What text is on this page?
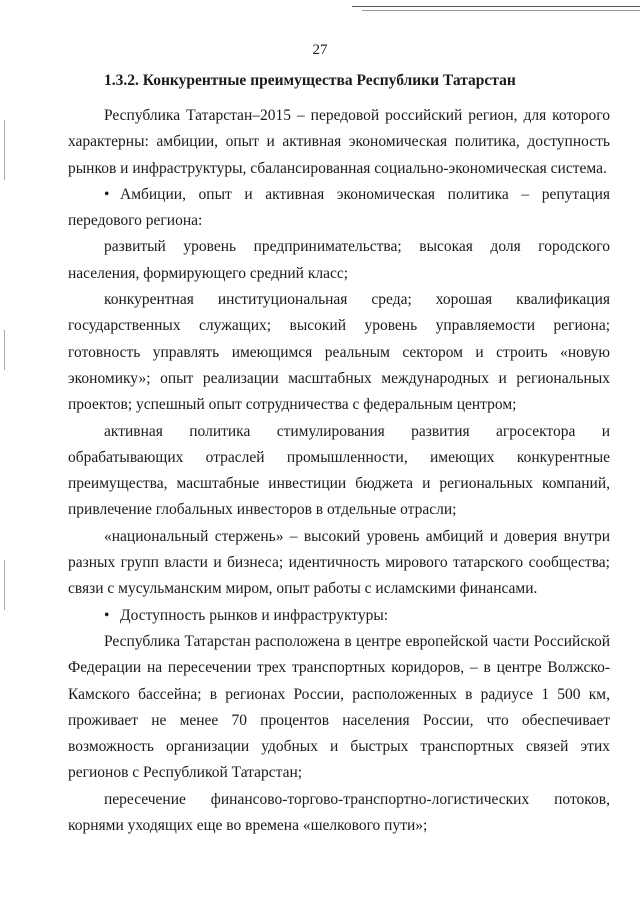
27
1.3.2. Конкурентные преимущества Республики Татарстан

Республика Татарстан–2015 – передовой российский регион, для которого характерны: амбиции, опыт и активная экономическая политика, доступность рынков и инфраструктуры, сбалансированная социально-экономическая система.

• Амбиции, опыт и активная экономическая политика – репутация передового региона:

развитый уровень предпринимательства; высокая доля городского населения, формирующего средний класс;

конкурентная институциональная среда; хорошая квалификация государственных служащих; высокий уровень управляемости региона; готовность управлять имеющимся реальным сектором и строить «новую экономику»; опыт реализации масштабных международных и региональных проектов; успешный опыт сотрудничества с федеральным центром;

активная политика стимулирования развития агросектора и обрабатывающих отраслей промышленности, имеющих конкурентные преимущества, масштабные инвестиции бюджета и региональных компаний, привлечение глобальных инвесторов в отдельные отрасли;

«национальный стержень» – высокий уровень амбиций и доверия внутри разных групп власти и бизнеса; идентичность мирового татарского сообщества; связи с мусульманским миром, опыт работы с исламскими финансами.

• Доступность рынков и инфраструктуры:

Республика Татарстан расположена в центре европейской части Российской Федерации на пересечении трех транспортных коридоров, – в центре Волжско-Камского бассейна; в регионах России, расположенных в радиусе 1 500 км, проживает не менее 70 процентов населения России, что обеспечивает возможность организации удобных и быстрых транспортных связей этих регионов с Республикой Татарстан;

пересечение финансово-торгово-транспортно-логистических потоков, корнями уходящих еще во времена «шелкового пути»;
